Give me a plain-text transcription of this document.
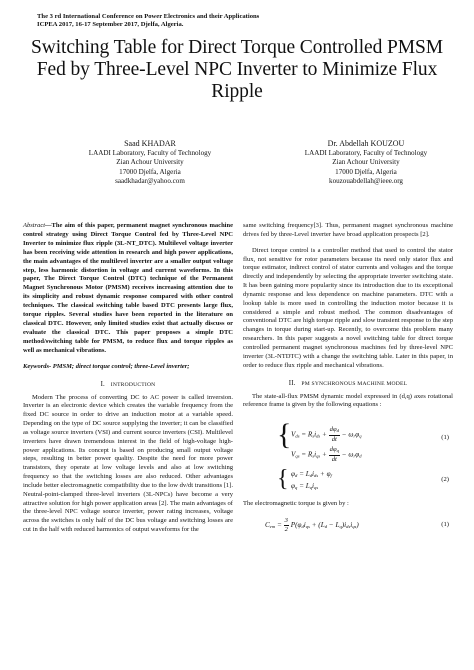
The 3 rd International Conference on Power Electronics and their Applications
ICPEA 2017, 16-17 September 2017, Djelfa, Algeria.
Switching Table for Direct Torque Controlled PMSM Fed by Three-Level NPC Inverter to Minimize Flux Ripple
Saad KHADAR
LAADI Laboratory, Faculty of Technology
Zian Achour University
17000 Djelfa, Algeria
saadkhadar@yahoo.com
Dr. Abdellah KOUZOU
LAADI Laboratory, Faculty of Technology
Zian Achour University
17000 Djelfa, Algeria
kouzouabdellah@ieee.org

Abstract—The aim of this paper, permanent magnet synchronous machine control strategy using Direct Torque Control fed by Three-Level NPC Inverter to minimize flux ripple (3L-NT_DTC). Multilevel voltage inverter has been receiving wide attention in research and high power applications, the main advantages of the multilevel inverter are a smaller output voltage step, less harmonic distortion in voltage and current waveforms. In this paper, The Direct Torque Control (DTC) technique of the Permanent Magnet Synchronous Motor (PMSM) receives increasing attention due to its simplicity and robust dynamic response compared with other control techniques. The classical switching table based DTC presents large flux, torque ripples. Several studies have been reported in the literature on classical DTC. However, only limited studies exist that actually discuss or evaluate the classical DTC. This paper proposes a simple DTC method/switching table for PMSM, to reduce flux and torque ripples as well as mechanical vibrations.

Keywords- PMSM; direct torque control; three-Level inverter;

I. INTRODUCTION

Modern The process of converting DC to AC power is called inversion. Inverter is an electronic device which creates the variable frequency from the fixed DC source in order to drive an induction motor at a variable speed. Depending on the type of DC source supplying the inverter; it can be classified as voltage source inverters (VSI) and current source inverters (CSI). Multilevel inverters have drawn tremendous interest in the field of high-voltage high-power applications. Its concept is based on producing small output voltage steps, resulting in better power quality. Despite the need for more power transistors, they operate at low voltage levels and also at low switching frequency so that the switching losses are also reduced. Other advantages include better electromagnetic compatibility due to the low dv/dt transitions [1]. Neutral-point-clamped three-level inverters (3L-NPCs) have become a very attractive solution for high power application areas [2]. The main advantages of the three-level NPC voltage source inverter, power rating increases, voltage across the switches is only half of the DC bus voltage and switching losses are cut in the half with reduced harmonics of output waveforms for the

same switching frequency[3]. Thus, permanent magnet synchronous machine drives fed by three-Level inverter have broad application prospects [2].

Direct torque control is a controller method that used to control the stator flux, not sensitive for rotor parameters because its need only stator flux and torque estimator, indirect control of stator currents and voltages and the torque directly and independently by selecting the appropriate inverter switching state. It has been gaining more popularity since its introduction due to its exceptional dynamic response and less dependence on machine parameters. DTC with a lookup table is more used in controlling the induction motor because it is considered a simple and robust method. The common disadvantages of conventional DTC are high torque ripple and slow transient response to the step changes in torque during start-up. Recently, to overcome this problem many researchers. In this paper suggests a novel switching table for direct torque controlled permanent magnet synchronous machines fed by three-level NPC inverter (3L-NTDTC) with a change the switching table. Later in this paper, in order to reduce flux ripple and mechanical vibrations.

II. PM SYNCHRONOUS MACHINE MODEL

The state-all-flux PMSM dynamic model expressed in (d,q) axes rotational reference frame is given by the following equations :

{ $V_{ds} = R_si_{ds} + \frac{d\varphi_d}{dt} - \omega_r\varphi_q$
$V_{qs} = R_si_{qs} + \frac{d\varphi_q}{dt} - \omega_r\varphi_d$
(1)
{ $\varphi_d = L_di_{ds} + \varphi_f$
$\varphi_q = L_qi_{qs}$
(2)

The electromagnetic torque is given by :

$C_{em} = \frac{3}{2} P(\varphi_di_{qs} + (L_d - L_q)i_{ds}i_{qs})$	(1)
